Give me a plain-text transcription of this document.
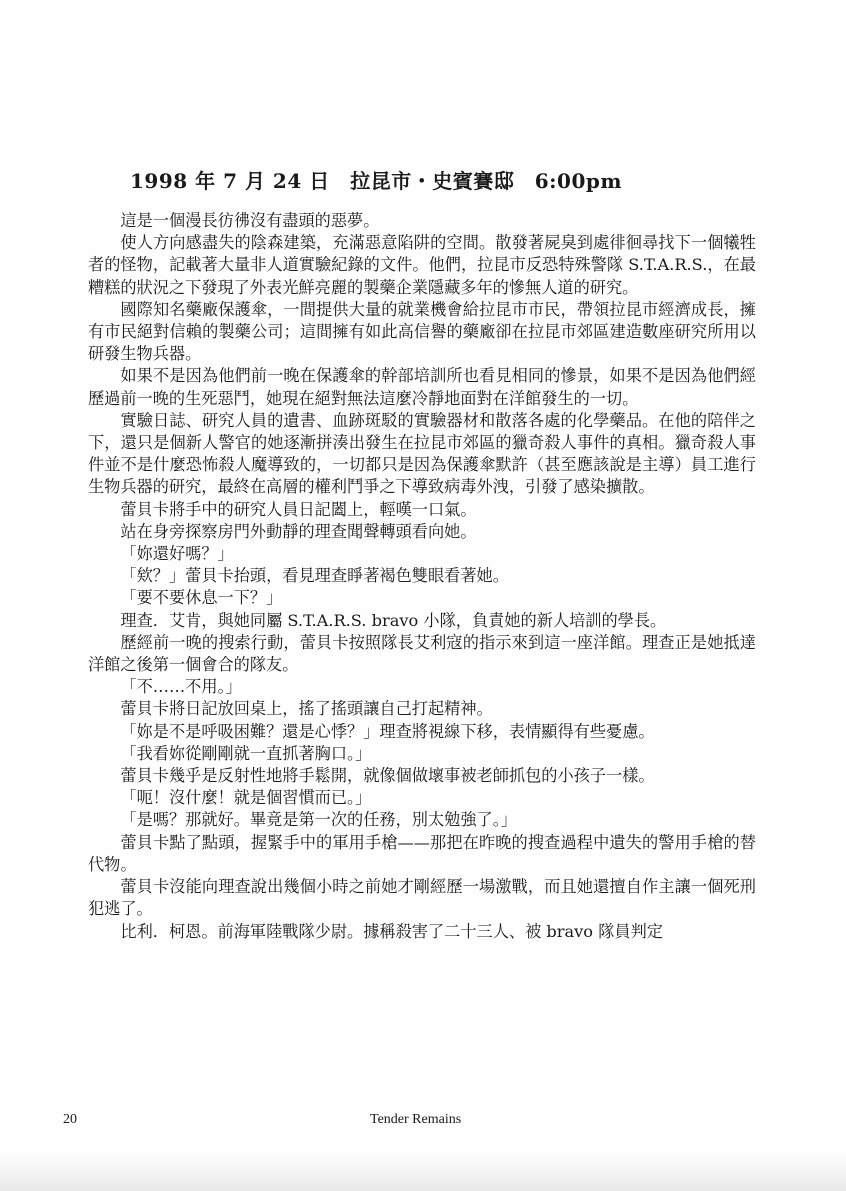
1998 年 7 月 24 日　拉昆市・史賓賽邸　6:00pm

這是一個漫長彷彿沒有盡頭的惡夢。

使人方向感盡失的陰森建築，充滿惡意陷阱的空間。散發著屍臭到處徘徊尋找下一個犧牲者的怪物，記載著大量非人道實驗紀錄的文件。他們，拉昆市反恐特殊警隊 S.T.A.R.S.，在最糟糕的狀況之下發現了外表光鮮亮麗的製藥企業隱藏多年的慘無人道的研究。

國際知名藥廠保護傘，一間提供大量的就業機會給拉昆市市民，帶領拉昆市經濟成長，擁有市民絕對信賴的製藥公司；這間擁有如此高信譽的藥廠卻在拉昆市郊區建造數座研究所用以研發生物兵器。

如果不是因為他們前一晚在保護傘的幹部培訓所也看見相同的慘景，如果不是因為他們經歷過前一晚的生死惡鬥，她現在絕對無法這麼冷靜地面對在洋館發生的一切。

實驗日誌、研究人員的遺書、血跡斑駁的實驗器材和散落各處的化學藥品。在他的陪伴之下，還只是個新人警官的她逐漸拼湊出發生在拉昆市郊區的獵奇殺人事件的真相。獵奇殺人事件並不是什麼恐怖殺人魔導致的，一切都只是因為保護傘默許（甚至應該說是主導）員工進行生物兵器的研究，最終在高層的權利鬥爭之下導致病毒外洩，引發了感染擴散。

蕾貝卡將手中的研究人員日記闔上，輕嘆一口氣。

站在身旁探察房門外動靜的理查聞聲轉頭看向她。

「妳還好嗎？」

「欸？」蕾貝卡抬頭，看見理查睜著褐色雙眼看著她。

「要不要休息一下？」

理查．艾肯，與她同屬 S.T.A.R.S. bravo 小隊，負責她的新人培訓的學長。

歷經前一晚的搜索行動，蕾貝卡按照隊長艾利寇的指示來到這一座洋館。理查正是她抵達洋館之後第一個會合的隊友。

「不……不用。」

蕾貝卡將日記放回桌上，搖了搖頭讓自己打起精神。

「妳是不是呼吸困難？還是心悸？」理查將視線下移，表情顯得有些憂慮。

「我看妳從剛剛就一直抓著胸口。」

蕾貝卡幾乎是反射性地將手鬆開，就像個做壞事被老師抓包的小孩子一樣。

「呃！沒什麼！就是個習慣而已。」

「是嗎？那就好。畢竟是第一次的任務，別太勉強了。」

蕾貝卡點了點頭，握緊手中的軍用手槍——那把在昨晚的搜查過程中遺失的警用手槍的替代物。

蕾貝卡沒能向理查說出幾個小時之前她才剛經歷一場激戰，而且她還擅自作主讓一個死刑犯逃了。

比利．柯恩。前海軍陸戰隊少尉。據稱殺害了二十三人、被 bravo 隊員判定

20	Tender Remains
